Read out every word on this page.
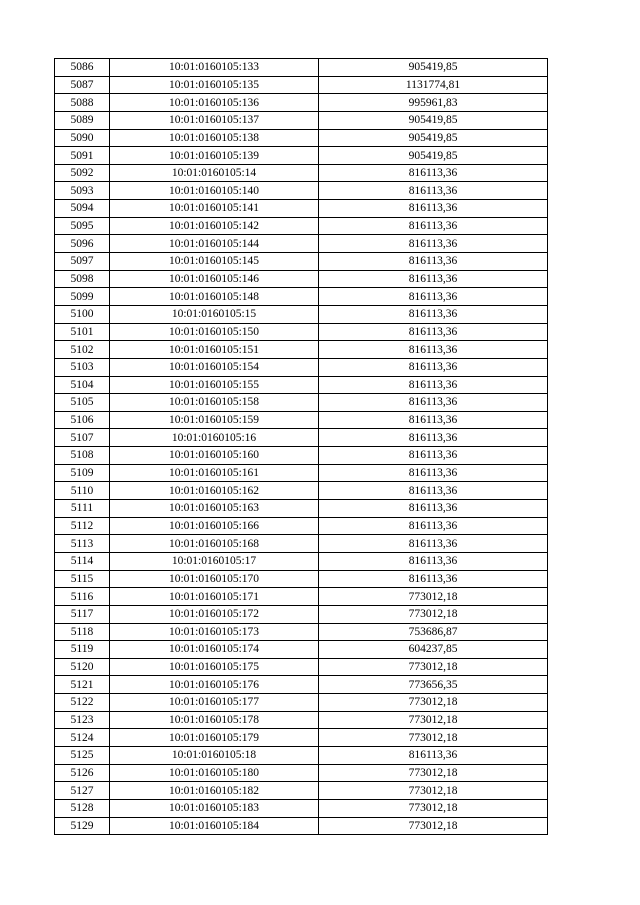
5086	10:01:0160105:133	905419,85
5087	10:01:0160105:135	1131774,81
5088	10:01:0160105:136	995961,83
5089	10:01:0160105:137	905419,85
5090	10:01:0160105:138	905419,85
5091	10:01:0160105:139	905419,85
5092	10:01:0160105:14	816113,36
5093	10:01:0160105:140	816113,36
5094	10:01:0160105:141	816113,36
5095	10:01:0160105:142	816113,36
5096	10:01:0160105:144	816113,36
5097	10:01:0160105:145	816113,36
5098	10:01:0160105:146	816113,36
5099	10:01:0160105:148	816113,36
5100	10:01:0160105:15	816113,36
5101	10:01:0160105:150	816113,36
5102	10:01:0160105:151	816113,36
5103	10:01:0160105:154	816113,36
5104	10:01:0160105:155	816113,36
5105	10:01:0160105:158	816113,36
5106	10:01:0160105:159	816113,36
5107	10:01:0160105:16	816113,36
5108	10:01:0160105:160	816113,36
5109	10:01:0160105:161	816113,36
5110	10:01:0160105:162	816113,36
5111	10:01:0160105:163	816113,36
5112	10:01:0160105:166	816113,36
5113	10:01:0160105:168	816113,36
5114	10:01:0160105:17	816113,36
5115	10:01:0160105:170	816113,36
5116	10:01:0160105:171	773012,18
5117	10:01:0160105:172	773012,18
5118	10:01:0160105:173	753686,87
5119	10:01:0160105:174	604237,85
5120	10:01:0160105:175	773012,18
5121	10:01:0160105:176	773656,35
5122	10:01:0160105:177	773012,18
5123	10:01:0160105:178	773012,18
5124	10:01:0160105:179	773012,18
5125	10:01:0160105:18	816113,36
5126	10:01:0160105:180	773012,18
5127	10:01:0160105:182	773012,18
5128	10:01:0160105:183	773012,18
5129	10:01:0160105:184	773012,18
